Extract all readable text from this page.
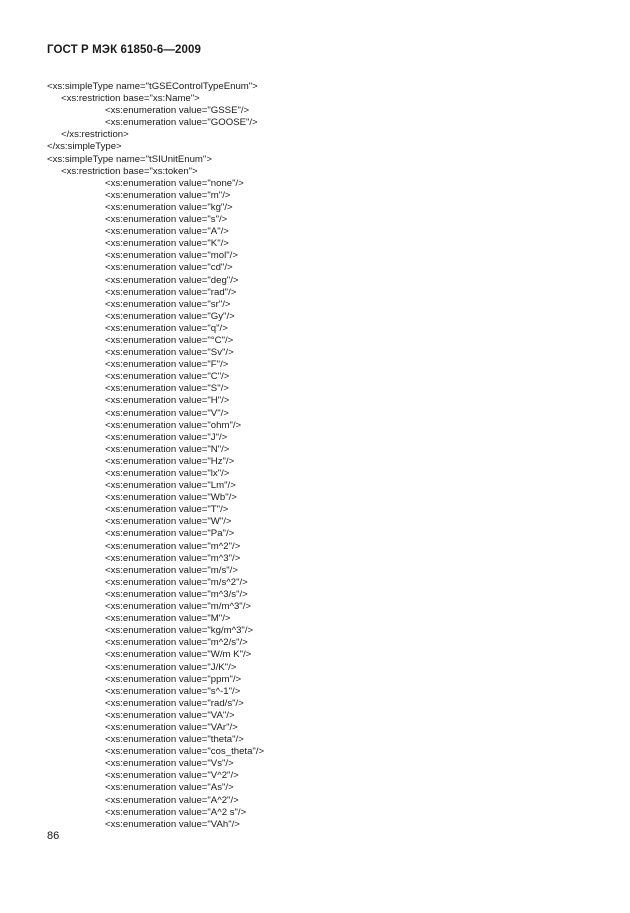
ГОСТ Р МЭК 61850-6—2009
<xs:simpleType name="tGSEControlTypeEnum">
<xs:restriction base="xs:Name">
<xs:enumeration value="GSSE"/>
<xs:enumeration value="GOOSE"/>
</xs:restriction>
</xs:simpleType>
<xs:simpleType name="tSIUnitEnum">
<xs:restriction base="xs:token">
<xs:enumeration value="none"/>
<xs:enumeration value="m"/>
<xs:enumeration value="kg"/>
<xs:enumeration value="s"/>
<xs:enumeration value="A"/>
<xs:enumeration value="K"/>
<xs:enumeration value="mol"/>
<xs:enumeration value="cd"/>
<xs:enumeration value="deg"/>
<xs:enumeration value="rad"/>
<xs:enumeration value="sr"/>
<xs:enumeration value="Gy"/>
<xs:enumeration value="q"/>
<xs:enumeration value="°C"/>
<xs:enumeration value="Sv"/>
<xs:enumeration value="F"/>
<xs:enumeration value="C"/>
<xs:enumeration value="S"/>
<xs:enumeration value="H"/>
<xs:enumeration value="V"/>
<xs:enumeration value="ohm"/>
<xs:enumeration value="J"/>
<xs:enumeration value="N"/>
<xs:enumeration value="Hz"/>
<xs:enumeration value="lx"/>
<xs:enumeration value="Lm"/>
<xs:enumeration value="Wb"/>
<xs:enumeration value="T"/>
<xs:enumeration value="W"/>
<xs:enumeration value="Pa"/>
<xs:enumeration value="m^2"/>
<xs:enumeration value="m^3"/>
<xs:enumeration value="m/s"/>
<xs:enumeration value="m/s^2"/>
<xs:enumeration value="m^3/s"/>
<xs:enumeration value="m/m^3"/>
<xs:enumeration value="M"/>
<xs:enumeration value="kg/m^3"/>
<xs:enumeration value="m^2/s"/>
<xs:enumeration value="W/m K"/>
<xs:enumeration value="J/K"/>
<xs:enumeration value="ppm"/>
<xs:enumeration value="s^-1"/>
<xs:enumeration value="rad/s"/>
<xs:enumeration value="VA"/>
<xs:enumeration value="VAr"/>
<xs:enumeration value="theta"/>
<xs:enumeration value="cos_theta"/>
<xs:enumeration value="Vs"/>
<xs:enumeration value="V^2"/>
<xs:enumeration value="As"/>
<xs:enumeration value="A^2"/>
<xs:enumeration value="A^2 s"/>
<xs:enumeration value="VAh"/>
86
